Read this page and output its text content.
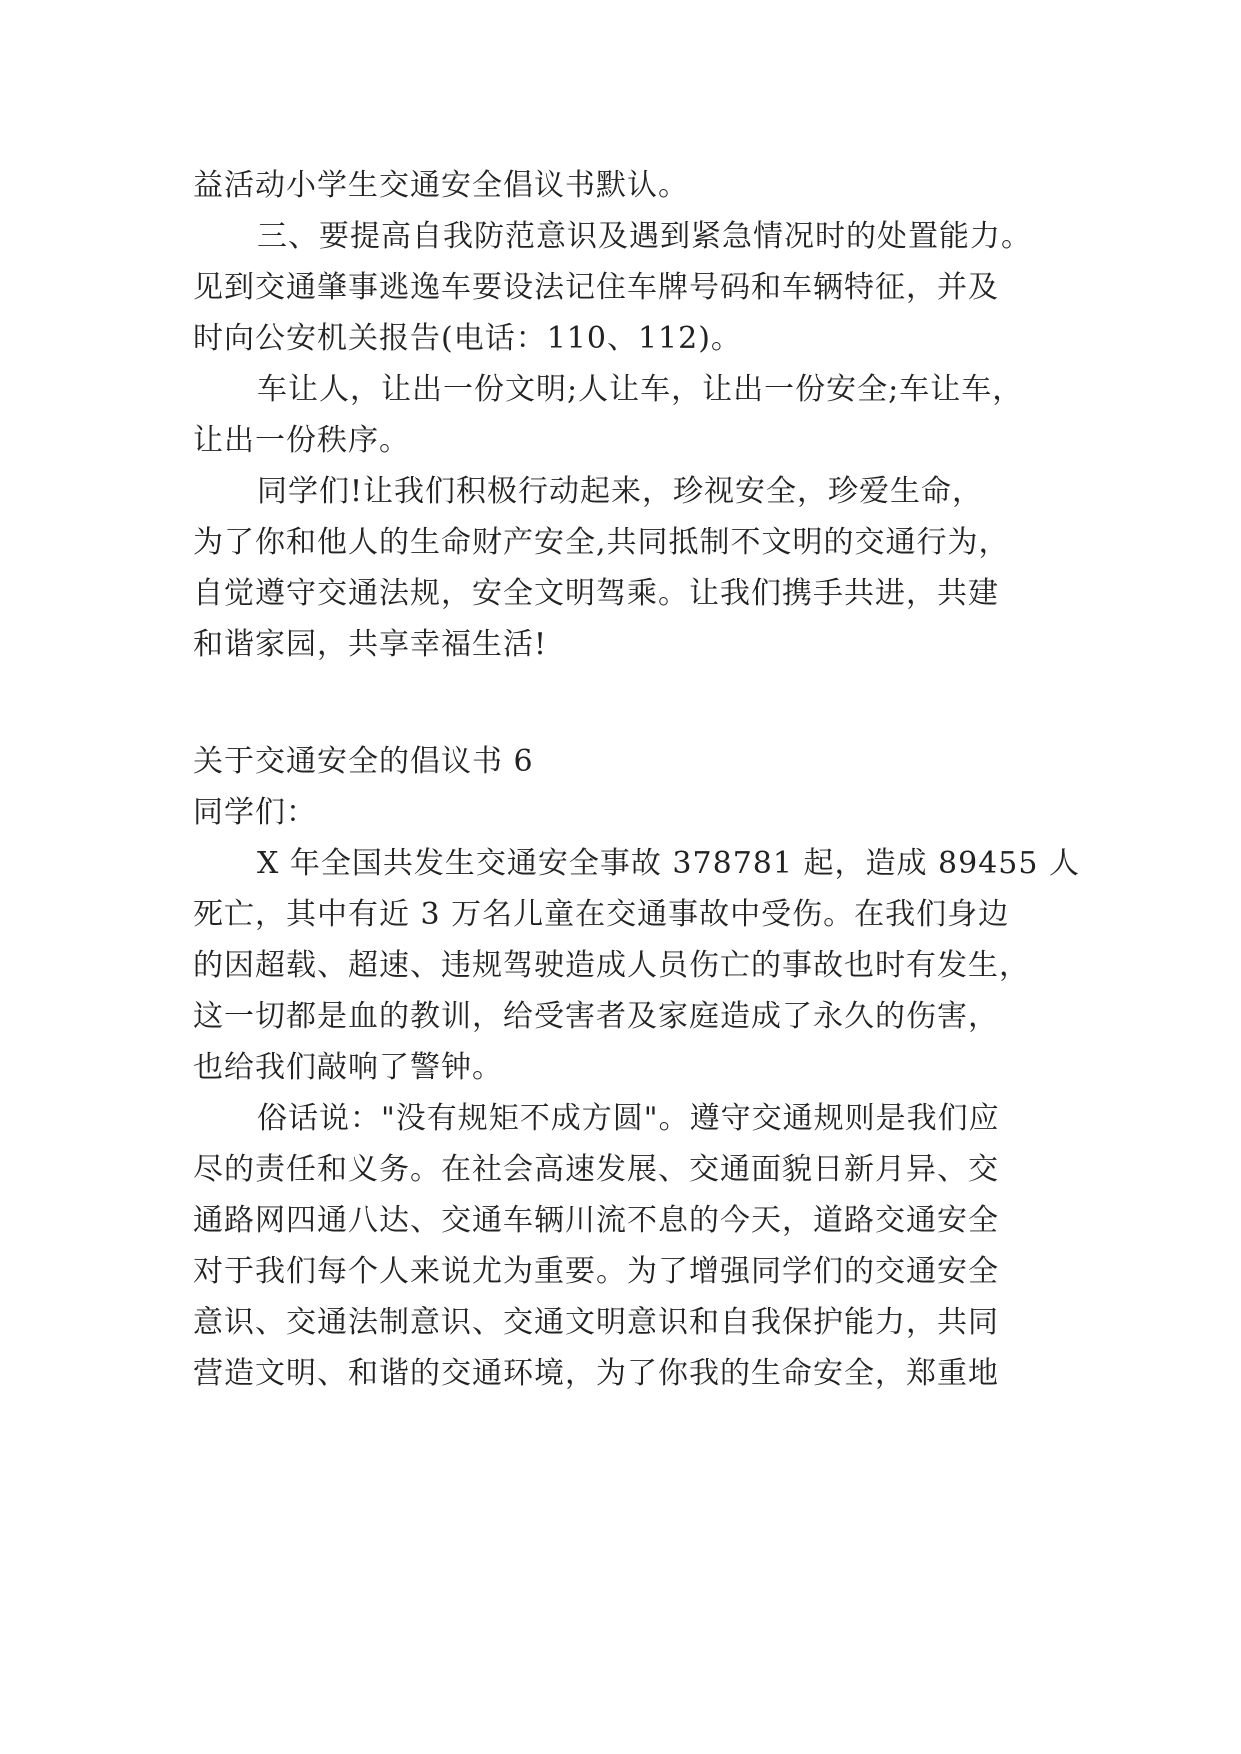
益活动小学生交通安全倡议书默认。
三、要提高自我防范意识及遇到紧急情况时的处置能力。
见到交通肇事逃逸车要设法记住车牌号码和车辆特征，并及
时向公安机关报告(电话：110、112)。
车让人，让出一份文明;人让车，让出一份安全;车让车，
让出一份秩序。
同学们!让我们积极行动起来，珍视安全，珍爱生命，
为了你和他人的生命财产安全,共同抵制不文明的交通行为，
自觉遵守交通法规，安全文明驾乘。让我们携手共进，共建
和谐家园，共享幸福生活!
关于交通安全的倡议书 6
同学们：
X 年全国共发生交通安全事故 378781 起，造成 89455 人
死亡，其中有近 3 万名儿童在交通事故中受伤。在我们身边
的因超载、超速、违规驾驶造成人员伤亡的事故也时有发生，
这一切都是血的教训，给受害者及家庭造成了永久的伤害，
也给我们敲响了警钟。
俗话说："没有规矩不成方圆"。遵守交通规则是我们应
尽的责任和义务。在社会高速发展、交通面貌日新月异、交
通路网四通八达、交通车辆川流不息的今天，道路交通安全
对于我们每个人来说尤为重要。为了增强同学们的交通安全
意识、交通法制意识、交通文明意识和自我保护能力，共同
营造文明、和谐的交通环境，为了你我的生命安全，郑重地
